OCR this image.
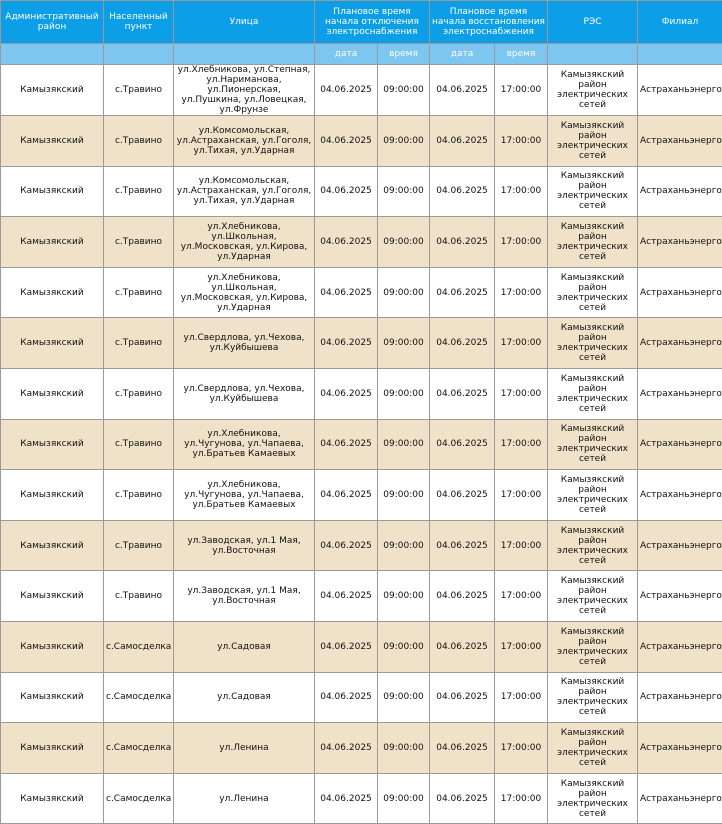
Административный район	Населенный пункт	Улица	Плановое время начала отключения электроснабжения		Плановое время начала восстановления электроснабжения		РЭС	Филиал
			дата	время	дата	время		
Камызякский	с.Травино	ул.Хлебникова, ул.Степная, ул.Нариманова, ул.Пионерская, ул.Пушкина, ул.Ловецкая, ул.Фрунзе	04.06.2025	09:00:00	04.06.2025	17:00:00	Камызякский район электрических сетей	Астраханьэнерго
Камызякский	с.Травино	ул.Комсомольская, ул.Астраханская, ул.Гоголя, ул.Тихая, ул.Ударная	04.06.2025	09:00:00	04.06.2025	17:00:00	Камызякский район электрических сетей	Астраханьэнерго
Камызякский	с.Травино	ул.Комсомольская, ул.Астраханская, ул.Гоголя, ул.Тихая, ул.Ударная	04.06.2025	09:00:00	04.06.2025	17:00:00	Камызякский район электрических сетей	Астраханьэнерго
Камызякский	с.Травино	ул.Хлебникова, ул.Школьная, ул.Московская, ул.Кирова, ул.Ударная	04.06.2025	09:00:00	04.06.2025	17:00:00	Камызякский район электрических сетей	Астраханьэнерго
Камызякский	с.Травино	ул.Хлебникова, ул.Школьная, ул.Московская, ул.Кирова, ул.Ударная	04.06.2025	09:00:00	04.06.2025	17:00:00	Камызякский район электрических сетей	Астраханьэнерго
Камызякский	с.Травино	ул.Свердлова, ул.Чехова, ул.Куйбышева	04.06.2025	09:00:00	04.06.2025	17:00:00	Камызякский район электрических сетей	Астраханьэнерго
Камызякский	с.Травино	ул.Свердлова, ул.Чехова, ул.Куйбышева	04.06.2025	09:00:00	04.06.2025	17:00:00	Камызякский район электрических сетей	Астраханьэнерго
Камызякский	с.Травино	ул.Хлебникова, ул.Чугунова, ул.Чапаева, ул.Братьев Камаевых	04.06.2025	09:00:00	04.06.2025	17:00:00	Камызякский район электрических сетей	Астраханьэнерго
Камызякский	с.Травино	ул.Хлебникова, ул.Чугунова, ул.Чапаева, ул.Братьев Камаевых	04.06.2025	09:00:00	04.06.2025	17:00:00	Камызякский район электрических сетей	Астраханьэнерго
Камызякский	с.Травино	ул.Заводская, ул.1 Мая, ул.Восточная	04.06.2025	09:00:00	04.06.2025	17:00:00	Камызякский район электрических сетей	Астраханьэнерго
Камызякский	с.Травино	ул.Заводская, ул.1 Мая, ул.Восточная	04.06.2025	09:00:00	04.06.2025	17:00:00	Камызякский район электрических сетей	Астраханьэнерго
Камызякский	с.Самосделка	ул.Садовая	04.06.2025	09:00:00	04.06.2025	17:00:00	Камызякский район электрических сетей	Астраханьэнерго
Камызякский	с.Самосделка	ул.Садовая	04.06.2025	09:00:00	04.06.2025	17:00:00	Камызякский район электрических сетей	Астраханьэнерго
Камызякский	с.Самосделка	ул.Ленина	04.06.2025	09:00:00	04.06.2025	17:00:00	Камызякский район электрических сетей	Астраханьэнерго
Камызякский	с.Самосделка	ул.Ленина	04.06.2025	09:00:00	04.06.2025	17:00:00	Камызякский район электрических сетей	Астраханьэнерго
